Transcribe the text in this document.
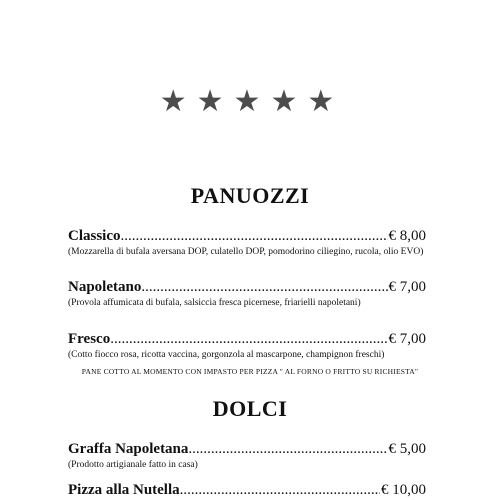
★ ★ ★ ★ ★
PANUOZZI
Classico .....	€ 8,00
(Mozzarella di bufala aversana DOP, culatello DOP, pomodorino ciliegino, rucola, olio EVO)
Napoletano .....	€ 7,00
(Provola affumicata di bufala, salsiccia fresca picernese, friarielli napoletani)
Fresco .....	€ 7,00
(Cotto fiocco rosa, ricotta vaccina, gorgonzola al mascarpone, champignon freschi)
PANE COTTO AL MOMENTO CON IMPASTO PER PIZZA " AL FORNO O FRITTO SU RICHIESTA"
DOLCI
Graffa Napoletana .....	€ 5,00
(Prodotto artigianale fatto in casa)
Pizza alla Nutella .....	€ 10,00
